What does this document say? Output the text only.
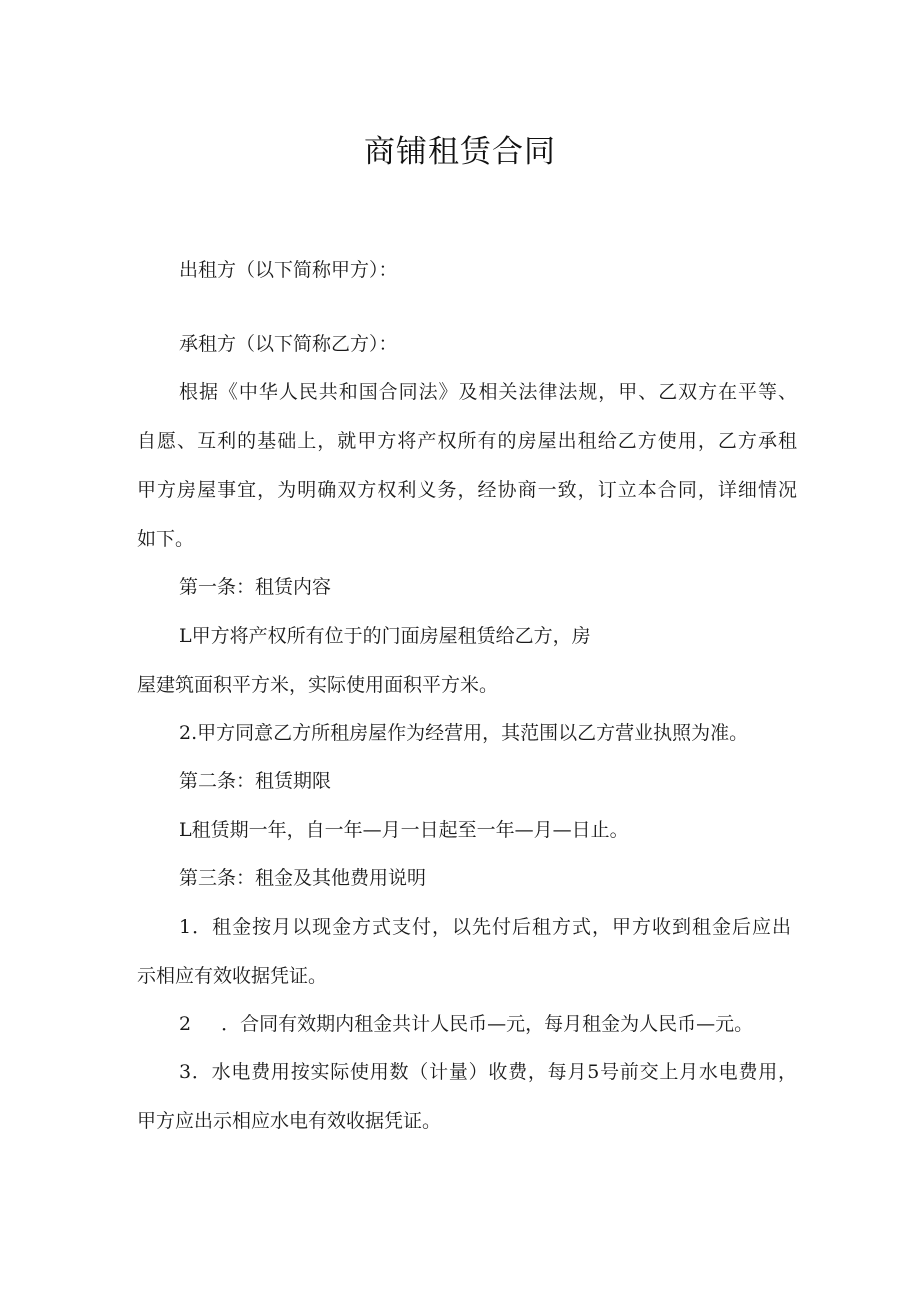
商铺租赁合同
出租方（以下简称甲方）：
承租方（以下简称乙方）：
根据《中华人民共和国合同法》及相关法律法规，甲、乙双方在平等、
自愿、互利的基础上，就甲方将产权所有的房屋出租给乙方使用，乙方承租
甲方房屋事宜，为明确双方权利义务，经协商一致，订立本合同，详细情况
如下。
第一条：租赁内容
L甲方将产权所有位于的门面房屋租赁给乙方，房
屋建筑面积平方米，实际使用面积平方米。
2.甲方同意乙方所租房屋作为经营用，其范围以乙方营业执照为准。
第二条：租赁期限
L租赁期一年，自一年—月一日起至一年—月—日止。
第三条：租金及其他费用说明
1．租金按月以现金方式支付，以先付后租方式，甲方收到租金后应出
示相应有效收据凭证。
2 ．合同有效期内租金共计人民币—元，每月租金为人民币—元。
3．水电费用按实际使用数（计量）收费，每月5号前交上月水电费用，
甲方应出示相应水电有效收据凭证。
